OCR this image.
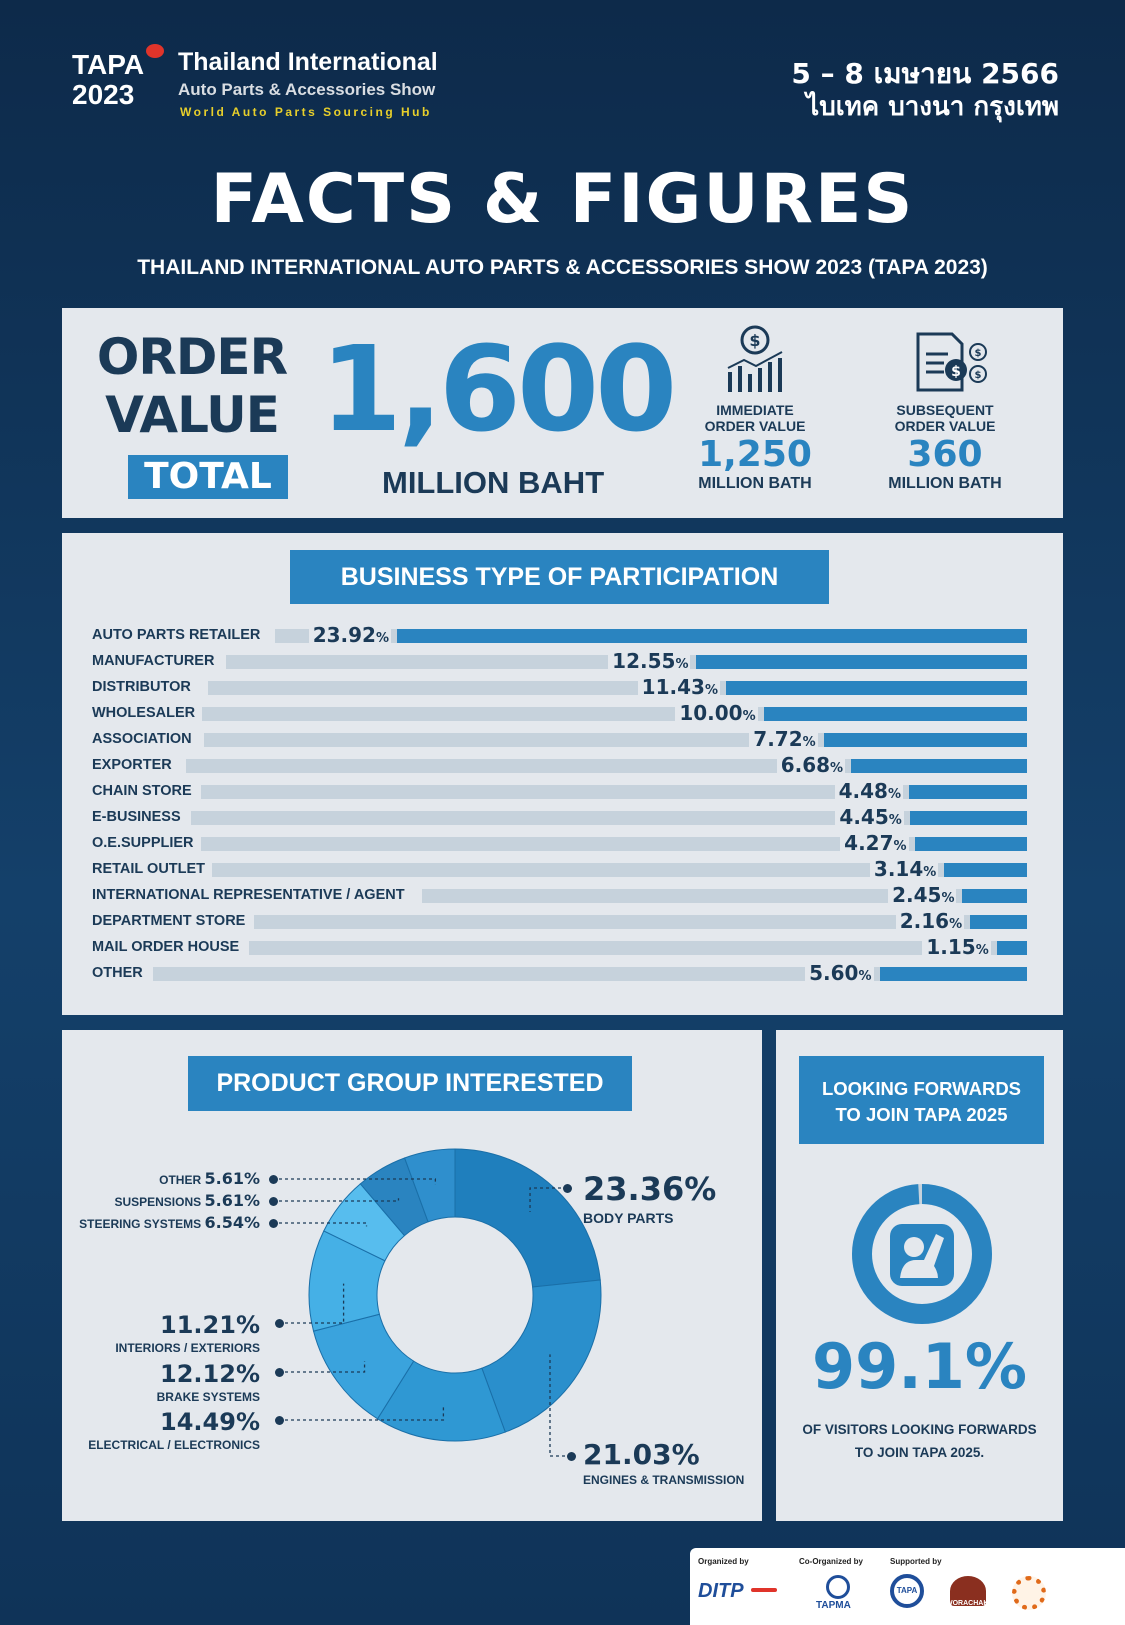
TAPA
2023
Thailand International
Auto Parts & Accessories Show
World Auto Parts Sourcing Hub
5 – 8 เมษายน 2566
ไบเทค บางนา กรุงเทพ
FACTS & FIGURES
THAILAND INTERNATIONAL AUTO PARTS & ACCESSORIES SHOW 2023 (TAPA 2023)
ORDER
VALUE
TOTAL
1,600
MILLION BAHT
$
IMMEDIATE
ORDER VALUE
1,250
MILLION BATH
$
$
$
SUBSEQUENT
ORDER VALUE
360
MILLION BATH
BUSINESS TYPE OF PARTICIPATION
AUTO PARTS RETAILER	23.92%
MANUFACTURER	12.55%
DISTRIBUTOR	11.43%
WHOLESALER	10.00%
ASSOCIATION	7.72%
EXPORTER	6.68%
CHAIN STORE	4.48%
E-BUSINESS	4.45%
O.E.SUPPLIER	4.27%
RETAIL OUTLET	3.14%
INTERNATIONAL REPRESENTATIVE / AGENT	2.45%
DEPARTMENT STORE	2.16%
MAIL ORDER HOUSE	1.15%
OTHER	5.60%
PRODUCT GROUP INTERESTED
23.36%
BODY PARTS
21.03%
ENGINES & TRANSMISSION
14.49%
ELECTRICAL / ELECTRONICS
12.12%
BRAKE SYSTEMS
11.21%
INTERIORS / EXTERIORS
STEERING SYSTEMS 6.54%
SUSPENSIONS 5.61%
OTHER 5.61%
LOOKING FORWARDS
TO JOIN TAPA 2025
99.1%
OF VISITORS LOOKING FORWARDS
TO JOIN TAPA 2025.
Organized by	Co-Organized by	Supported by
DITP
TAPMA
TAPA
WORACHAK
